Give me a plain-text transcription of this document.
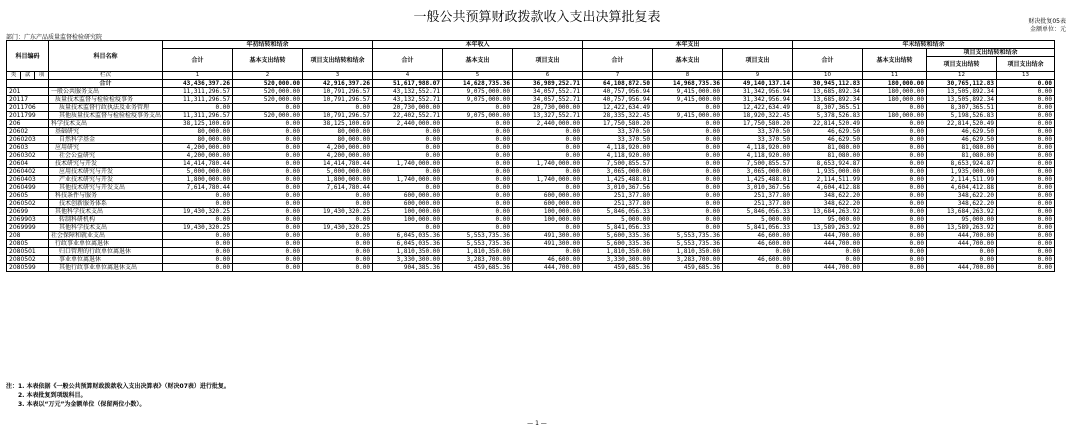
一般公共预算财政拨款收入支出决算批复表	财决批复05表
金额单位：元
部门：广东产品质量监督检验研究院
科目编码			科目名称	年初结转和结余			本年收入			本年支出			年末结转和结余			
				合计	基本支出结转	项目支出结转和结余	合计	基本支出	项目支出	合计	基本支出	项目支出	合计	基本支出结转	项目支出结转和结余	
															项目支出结转	项目支出结余
类	款	项	栏次	1	2	3	4	5	6	7	8	9	10	11	12	13
			合计	43,436,397.26	520,000.00	42,916,397.26	51,617,988.07	14,628,735.36	36,989,252.71	64,108,872.50	14,968,735.36	49,140,137.14	30,945,112.83	180,000.00	30,765,112.83	0.00
201			一般公共服务支出	11,311,296.57	520,000.00	10,791,296.57	43,132,552.71	9,075,000.00	34,057,552.71	40,757,956.94	9,415,000.00	31,342,956.94	13,685,892.34	180,000.00	13,505,892.34	0.00
20117			质量技术监督与检验检疫事务	11,311,296.57	520,000.00	10,791,296.57	43,132,552.71	9,075,000.00	34,057,552.71	40,757,956.94	9,415,000.00	31,342,956.94	13,685,892.34	180,000.00	13,505,892.34	0.00
2011706			质量技术监督行政执法及业务管理	0.00	0.00	0.00	20,730,000.00	0.00	20,730,000.00	12,422,634.49	0.00	12,422,634.49	8,307,365.51	0.00	8,307,365.51	0.00
2011799			其他质量技术监督与检验检疫事务支出	11,311,296.57	520,000.00	10,791,296.57	22,402,552.71	9,075,000.00	13,327,552.71	28,335,322.45	9,415,000.00	18,920,322.45	5,378,526.83	180,000.00	5,198,526.83	0.00
206			科学技术支出	38,125,100.69	0.00	38,125,100.69	2,440,000.00	0.00	2,440,000.00	17,750,580.20	0.00	17,750,580.20	22,814,520.49	0.00	22,814,520.49	0.00
20602			基础研究	80,000.00	0.00	80,000.00	0.00	0.00	0.00	33,370.50	0.00	33,370.50	46,629.50	0.00	46,629.50	0.00
2060203			自然科学基金	80,000.00	0.00	80,000.00	0.00	0.00	0.00	33,370.50	0.00	33,370.50	46,629.50	0.00	46,629.50	0.00
20603			应用研究	4,200,000.00	0.00	4,200,000.00	0.00	0.00	0.00	4,118,920.00	0.00	4,118,920.00	81,080.00	0.00	81,080.00	0.00
2060302			社会公益研究	4,200,000.00	0.00	4,200,000.00	0.00	0.00	0.00	4,118,920.00	0.00	4,118,920.00	81,080.00	0.00	81,080.00	0.00
20604			技术研究与开发	14,414,780.44	0.00	14,414,780.44	1,740,000.00	0.00	1,740,000.00	7,500,855.57	0.00	7,500,855.57	8,653,924.87	0.00	8,653,924.87	0.00
2060402			应用技术研究与开发	5,000,000.00	0.00	5,000,000.00	0.00	0.00	0.00	3,065,000.00	0.00	3,065,000.00	1,935,000.00	0.00	1,935,000.00	0.00
2060403			产业技术研究与开发	1,800,000.00	0.00	1,800,000.00	1,740,000.00	0.00	1,740,000.00	1,425,488.01	0.00	1,425,488.01	2,114,511.99	0.00	2,114,511.99	0.00
2060499			其他技术研究与开发支出	7,614,780.44	0.00	7,614,780.44	0.00	0.00	0.00	3,010,367.56	0.00	3,010,367.56	4,604,412.88	0.00	4,604,412.88	0.00
20605			科技条件与服务	0.00	0.00	0.00	600,000.00	0.00	600,000.00	251,377.80	0.00	251,377.80	348,622.20	0.00	348,622.20	0.00
2060502			技术创新服务体系	0.00	0.00	0.00	600,000.00	0.00	600,000.00	251,377.80	0.00	251,377.80	348,622.20	0.00	348,622.20	0.00
20699			其他科学技术支出	19,430,320.25	0.00	19,430,320.25	100,000.00	0.00	100,000.00	5,846,056.33	0.00	5,846,056.33	13,684,263.92	0.00	13,684,263.92	0.00
2069903			转制科研机构	0.00	0.00	0.00	100,000.00	0.00	100,000.00	5,000.00	0.00	5,000.00	95,000.00	0.00	95,000.00	0.00
2069999			其他科学技术支出	19,430,320.25	0.00	19,430,320.25	0.00	0.00	0.00	5,841,056.33	0.00	5,841,056.33	13,589,263.92	0.00	13,589,263.92	0.00
208			社会保障和就业支出	0.00	0.00	0.00	6,045,035.36	5,553,735.36	491,300.00	5,600,335.36	5,553,735.36	46,600.00	444,700.00	0.00	444,700.00	0.00
20805			行政事业单位离退休	0.00	0.00	0.00	6,045,035.36	5,553,735.36	491,300.00	5,600,335.36	5,553,735.36	46,600.00	444,700.00	0.00	444,700.00	0.00
2080501			归口管理的行政单位离退休	0.00	0.00	0.00	1,810,350.00	1,810,350.00	0.00	1,810,350.00	1,810,350.00	0.00	0.00	0.00	0.00	0.00
2080502			事业单位离退休	0.00	0.00	0.00	3,330,300.00	3,283,700.00	46,600.00	3,330,300.00	3,283,700.00	46,600.00	0.00	0.00	0.00	0.00
2080599			其他行政事业单位离退休支出	0.00	0.00	0.00	904,385.36	459,685.36	444,700.00	459,685.36	459,685.36	0.00	444,700.00	0.00	444,700.00	0.00
注：1. 本表依据《一般公共预算财政拨款收入支出决算表》（财决07表）进行批复。
2. 本表批复到项级科目。
3. 本表以“万元”为金额单位（保留两位小数）。
— 1 —
